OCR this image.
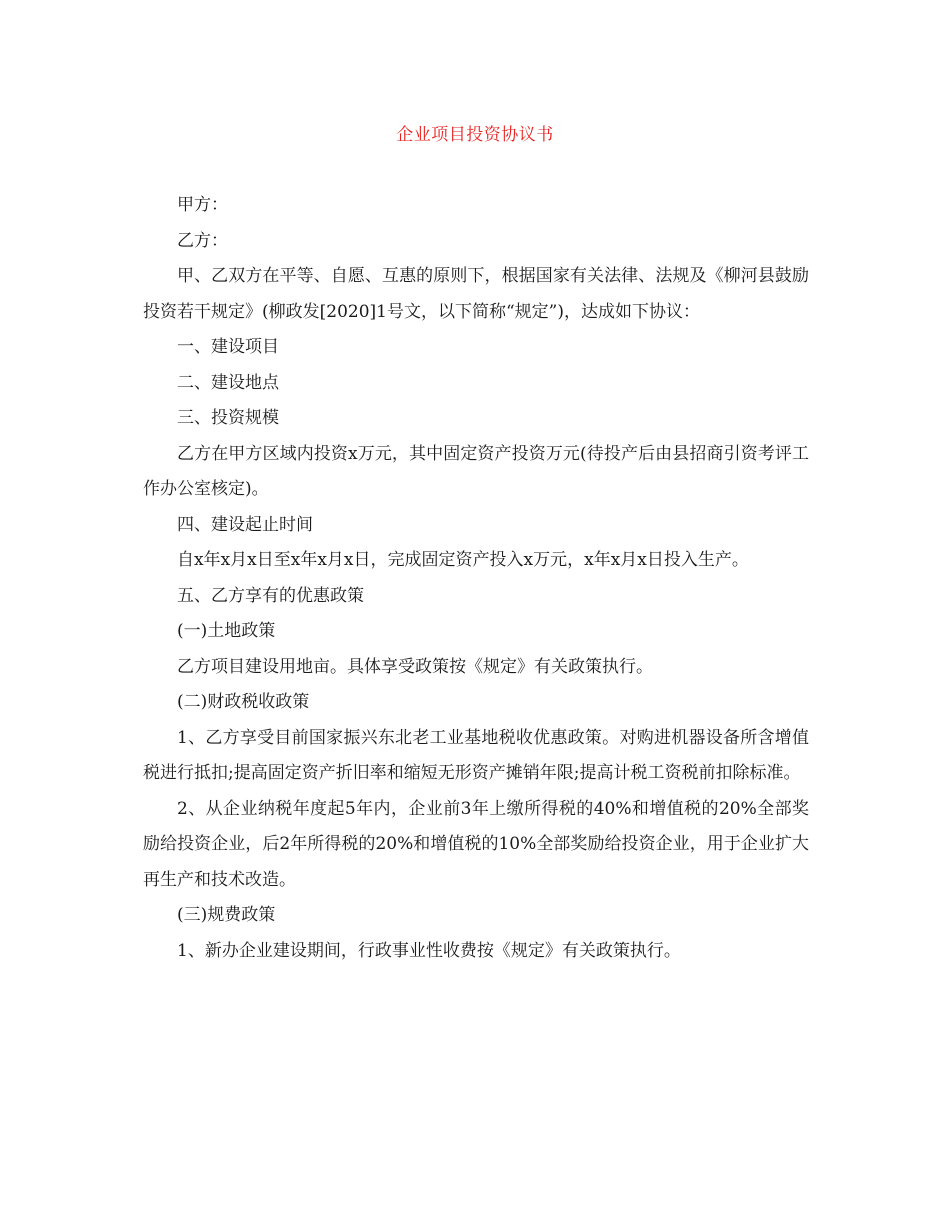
企业项目投资协议书

甲方：

乙方：

甲、乙双方在平等、自愿、互惠的原则下，根据国家有关法律、法规及《柳河县鼓励投资若干规定》(柳政发[2020]1号文，以下简称“规定”)，达成如下协议：

一、建设项目

二、建设地点

三、投资规模

乙方在甲方区域内投资x万元，其中固定资产投资万元(待投产后由县招商引资考评工作办公室核定)。

四、建设起止时间

自x年x月x日至x年x月x日，完成固定资产投入x万元，x年x月x日投入生产。

五、乙方享有的优惠政策

(一)土地政策

乙方项目建设用地亩。具体享受政策按《规定》有关政策执行。

(二)财政税收政策

1、乙方享受目前国家振兴东北老工业基地税收优惠政策。对购进机器设备所含增值税进行抵扣;提高固定资产折旧率和缩短无形资产摊销年限;提高计税工资税前扣除标准。

2、从企业纳税年度起5年内，企业前3年上缴所得税的40%和增值税的20%全部奖励给投资企业，后2年所得税的20%和增值税的10%全部奖励给投资企业，用于企业扩大再生产和技术改造。

(三)规费政策

1、新办企业建设期间，行政事业性收费按《规定》有关政策执行。
